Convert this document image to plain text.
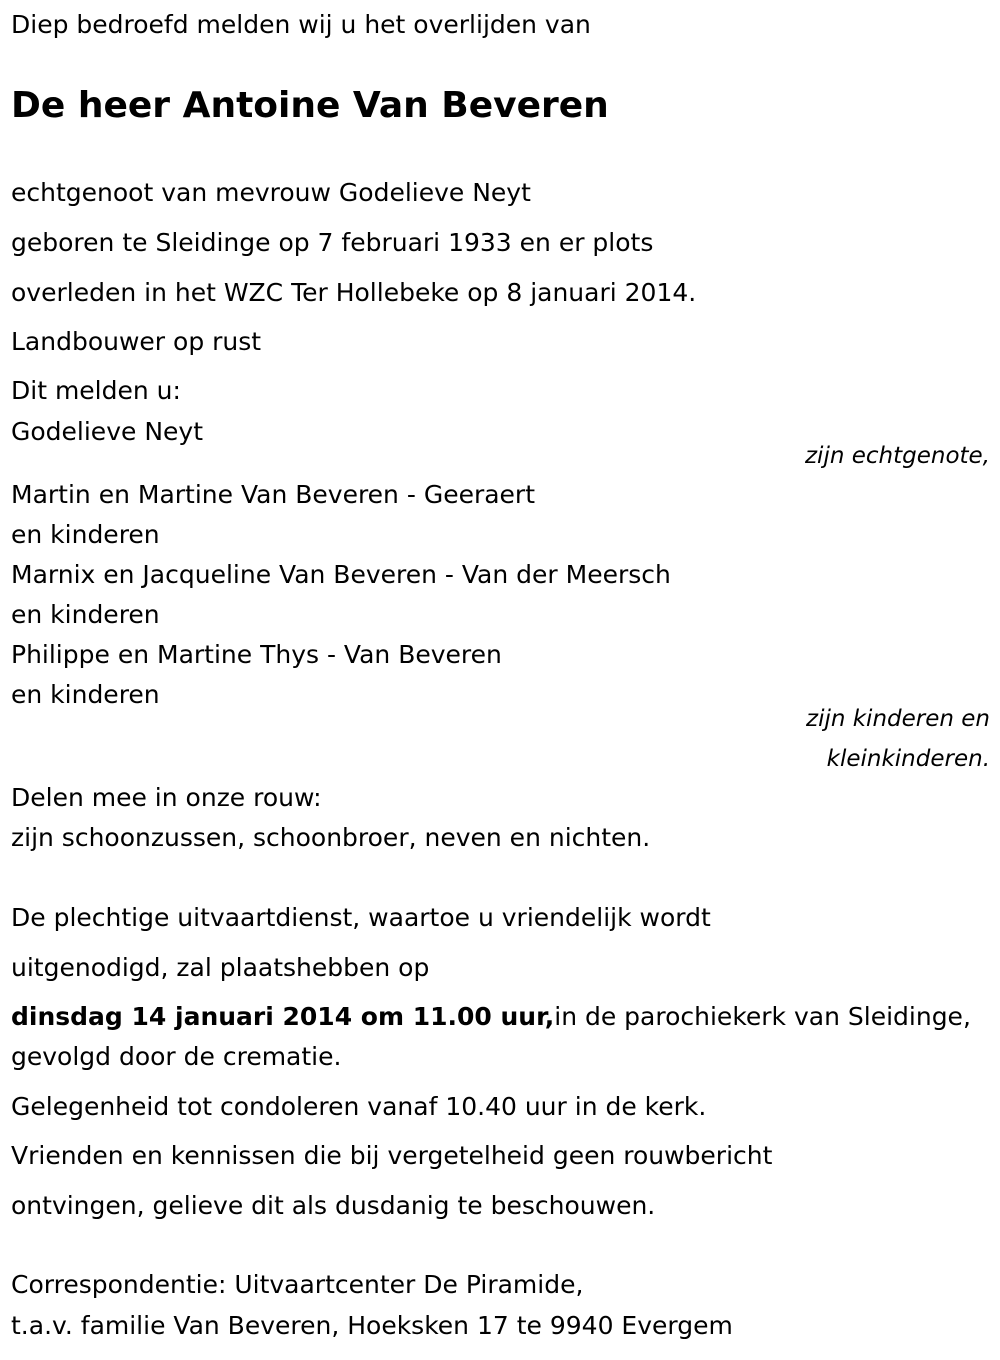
Diep bedroefd melden wij u het overlijden van
De heer Antoine Van Beveren
echtgenoot van mevrouw Godelieve Neyt
geboren te Sleidinge op 7 februari 1933 en er plots
overleden in het WZC Ter Hollebeke op 8 januari 2014.
Landbouwer op rust
Dit melden u:
Godelieve Neyt
zijn echtgenote,
Martin en Martine Van Beveren - Geeraert
en kinderen
Marnix en Jacqueline Van Beveren - Van der Meersch
en kinderen
Philippe en Martine Thys - Van Beveren
en kinderen
zijn kinderen en
kleinkinderen.
Delen mee in onze rouw:
zijn schoonzussen, schoonbroer, neven en nichten.
De plechtige uitvaartdienst, waartoe u vriendelijk wordt
uitgenodigd, zal plaatshebben op
dinsdag 14 januari 2014 om 11.00 uur,in de parochiekerk van Sleidinge,
gevolgd door de crematie.
Gelegenheid tot condoleren vanaf 10.40 uur in de kerk.
Vrienden en kennissen die bij vergetelheid geen rouwbericht
ontvingen, gelieve dit als dusdanig te beschouwen.
Correspondentie: Uitvaartcenter De Piramide,
t.a.v. familie Van Beveren, Hoeksken 17 te 9940 Evergem
